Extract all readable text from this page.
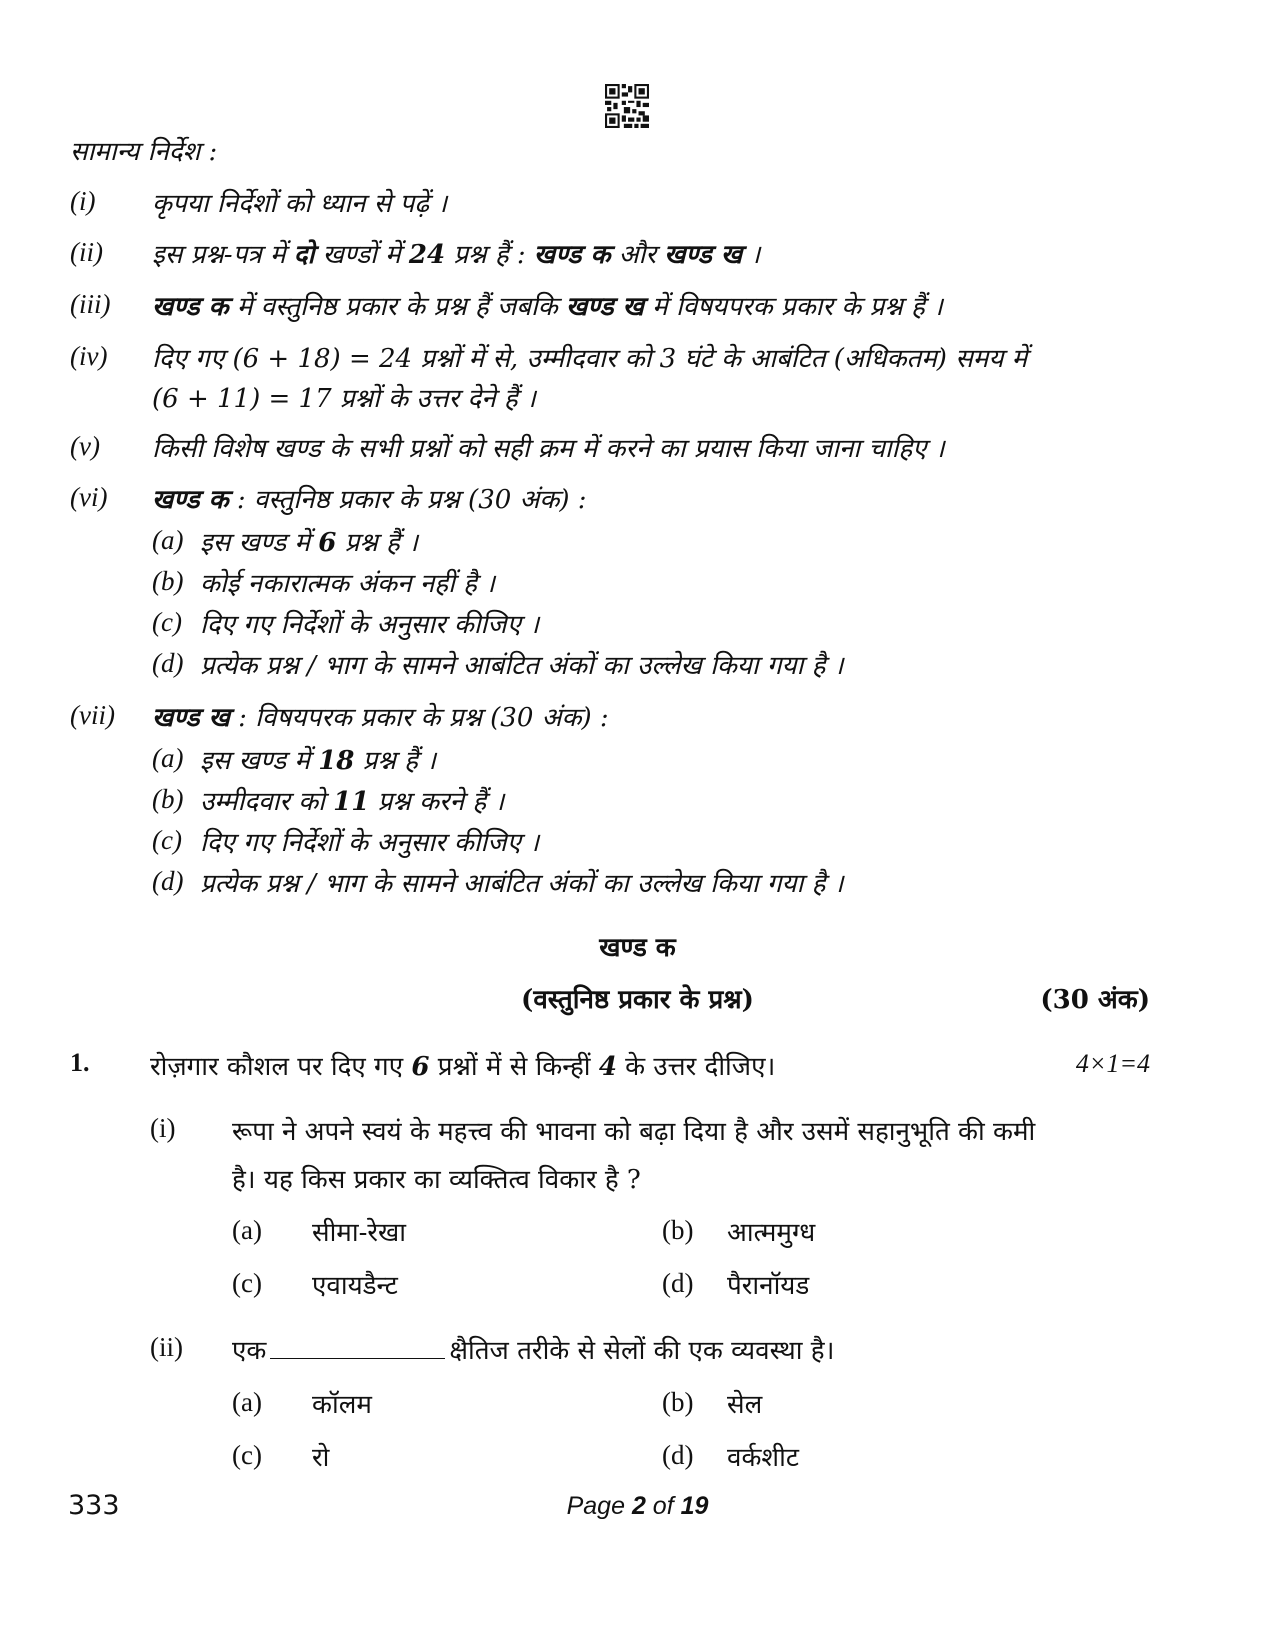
सामान्य निर्देश :
(i) कृपया निर्देशों को ध्यान से पढ़ें ।
(ii) इस प्रश्न-पत्र में दो खण्डों में 24 प्रश्न हैं : खण्ड क और खण्ड ख ।
(iii) खण्ड क में वस्तुनिष्ठ प्रकार के प्रश्न हैं जबकि खण्ड ख में विषयपरक प्रकार के प्रश्न हैं ।
(iv) दिए गए (6 + 18) = 24 प्रश्नों में से, उम्मीदवार को 3 घंटे के आबंटित (अधिकतम) समय में
(6 + 11) = 17 प्रश्नों के उत्तर देने हैं ।
(v) किसी विशेष खण्ड के सभी प्रश्नों को सही क्रम में करने का प्रयास किया जाना चाहिए ।
(vi) खण्ड क : वस्तुनिष्ठ प्रकार के प्रश्न (30 अंक) :
(a) इस खण्ड में 6 प्रश्न हैं ।
(b) कोई नकारात्मक अंकन नहीं है ।
(c) दिए गए निर्देशों के अनुसार कीजिए ।
(d) प्रत्येक प्रश्न / भाग के सामने आबंटित अंकों का उल्लेख किया गया है ।
(vii) खण्ड ख : विषयपरक प्रकार के प्रश्न (30 अंक) :
(a) इस खण्ड में 18 प्रश्न हैं ।
(b) उम्मीदवार को 11 प्रश्न करने हैं ।
(c) दिए गए निर्देशों के अनुसार कीजिए ।
(d) प्रत्येक प्रश्न / भाग के सामने आबंटित अंकों का उल्लेख किया गया है ।
खण्ड क
(वस्तुनिष्ठ प्रकार के प्रश्न)	(30 अंक)
1. रोज़गार कौशल पर दिए गए 6 प्रश्नों में से किन्हीं 4 के उत्तर दीजिए।	4×1=4
(i) रूपा ने अपने स्वयं के महत्त्व की भावना को बढ़ा दिया है और उसमें सहानुभूति की कमी
है। यह किस प्रकार का व्यक्तित्व विकार है ?
(a) सीमा-रेखा	(b) आत्ममुग्ध
(c) एवायडैन्ट	(d) पैरानॉयड
(ii) एक	क्षैतिज तरीके से सेलों की एक व्यवस्था है।
(a) कॉलम	(b) सेल
(c) रो	(d) वर्कशीट
333	Page 2 of 19
